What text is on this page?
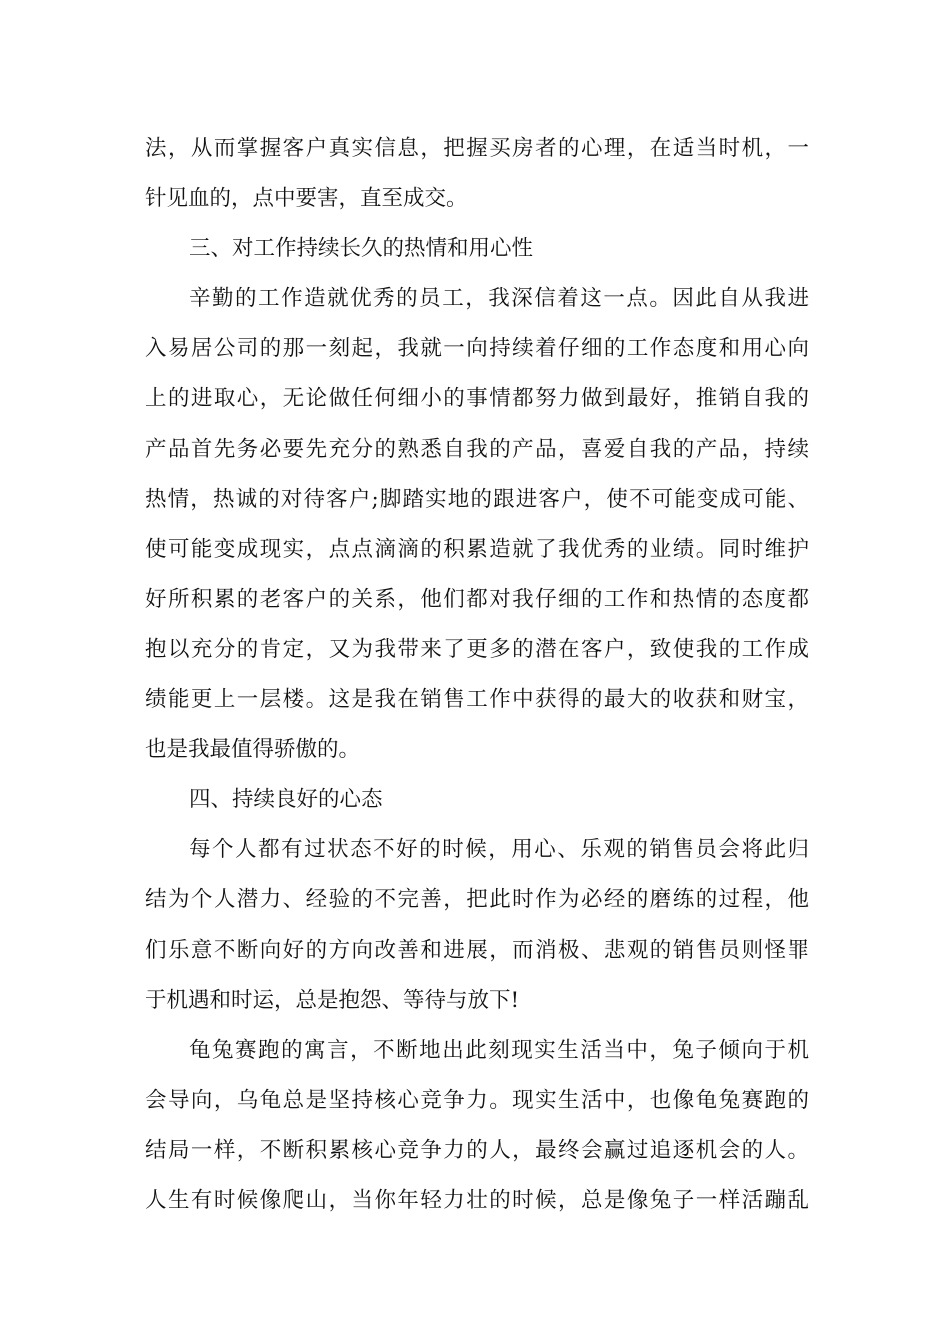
法，从而掌握客户真实信息，把握买房者的心理，在适当时机，一
针见血的，点中要害，直至成交。
三、对工作持续长久的热情和用心性
辛勤的工作造就优秀的员工，我深信着这一点。因此自从我进
入易居公司的那一刻起，我就一向持续着仔细的工作态度和用心向
上的进取心，无论做任何细小的事情都努力做到最好，推销自我的
产品首先务必要先充分的熟悉自我的产品，喜爱自我的产品，持续
热情，热诚的对待客户;脚踏实地的跟进客户，使不可能变成可能、
使可能变成现实，点点滴滴的积累造就了我优秀的业绩。同时维护
好所积累的老客户的关系，他们都对我仔细的工作和热情的态度都
抱以充分的肯定，又为我带来了更多的潜在客户，致使我的工作成
绩能更上一层楼。这是我在销售工作中获得的最大的收获和财宝，
也是我最值得骄傲的。
四、持续良好的心态
每个人都有过状态不好的时候，用心、乐观的销售员会将此归
结为个人潜力、经验的不完善，把此时作为必经的磨练的过程，他
们乐意不断向好的方向改善和进展，而消极、悲观的销售员则怪罪
于机遇和时运，总是抱怨、等待与放下!
龟兔赛跑的寓言，不断地出此刻现实生活当中，兔子倾向于机
会导向，乌龟总是坚持核心竞争力。现实生活中，也像龟兔赛跑的
结局一样，不断积累核心竞争力的人，最终会赢过追逐机会的人。
人生有时候像爬山，当你年轻力壮的时候，总是像兔子一样活蹦乱
